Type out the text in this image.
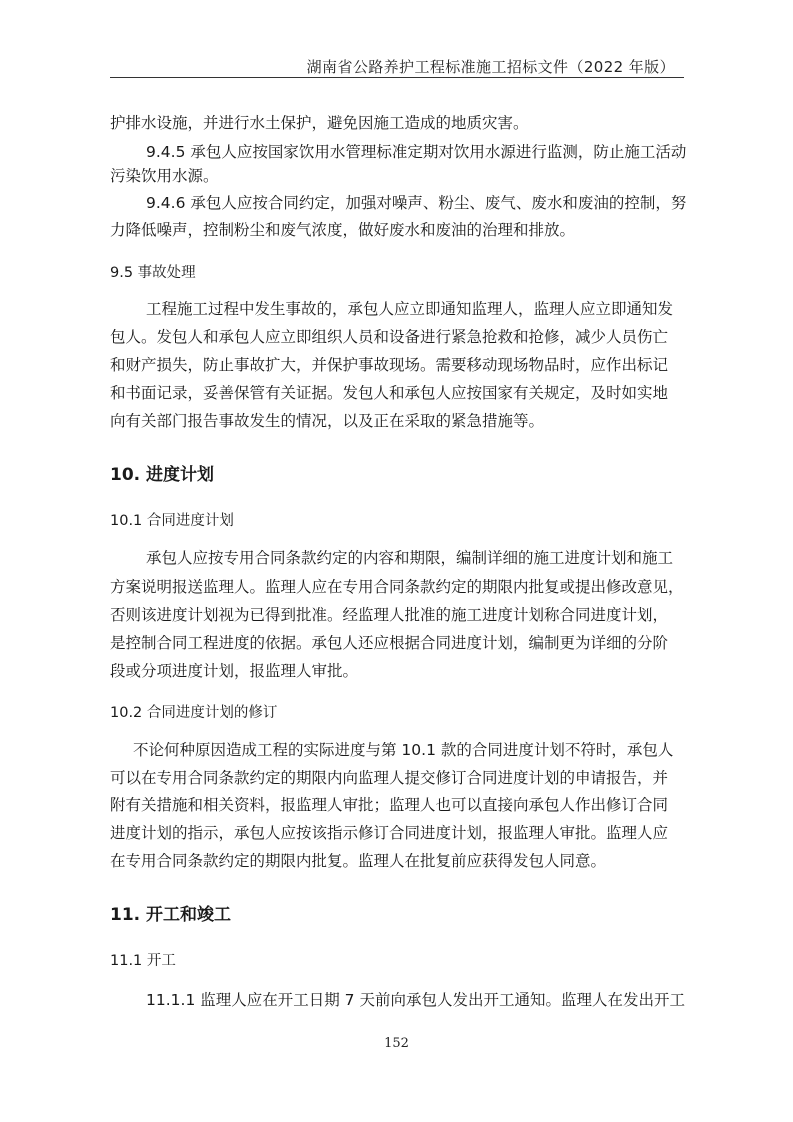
湖南省公路养护工程标准施工招标文件（2022 年版）
护排水设施，并进行水土保护，避免因施工造成的地质灾害。
9.4.5 承包人应按国家饮用水管理标准定期对饮用水源进行监测，防止施工活动
污染饮用水源。
9.4.6 承包人应按合同约定，加强对噪声、粉尘、废气、废水和废油的控制，努
力降低噪声，控制粉尘和废气浓度，做好废水和废油的治理和排放。
9.5 事故处理
工程施工过程中发生事故的，承包人应立即通知监理人，监理人应立即通知发
包人。发包人和承包人应立即组织人员和设备进行紧急抢救和抢修，减少人员伤亡
和财产损失，防止事故扩大，并保护事故现场。需要移动现场物品时，应作出标记
和书面记录，妥善保管有关证据。发包人和承包人应按国家有关规定，及时如实地
向有关部门报告事故发生的情况，以及正在采取的紧急措施等。
10. 进度计划
10.1 合同进度计划
承包人应按专用合同条款约定的内容和期限，编制详细的施工进度计划和施工
方案说明报送监理人。监理人应在专用合同条款约定的期限内批复或提出修改意见，
否则该进度计划视为已得到批准。经监理人批准的施工进度计划称合同进度计划，
是控制合同工程进度的依据。承包人还应根据合同进度计划，编制更为详细的分阶
段或分项进度计划，报监理人审批。
10.2 合同进度计划的修订
不论何种原因造成工程的实际进度与第 10.1 款的合同进度计划不符时，承包人
可以在专用合同条款约定的期限内向监理人提交修订合同进度计划的申请报告，并
附有关措施和相关资料，报监理人审批；监理人也可以直接向承包人作出修订合同
进度计划的指示，承包人应按该指示修订合同进度计划，报监理人审批。监理人应
在专用合同条款约定的期限内批复。监理人在批复前应获得发包人同意。
11. 开工和竣工
11.1 开工
11.1.1 监理人应在开工日期 7 天前向承包人发出开工通知。监理人在发出开工
152
